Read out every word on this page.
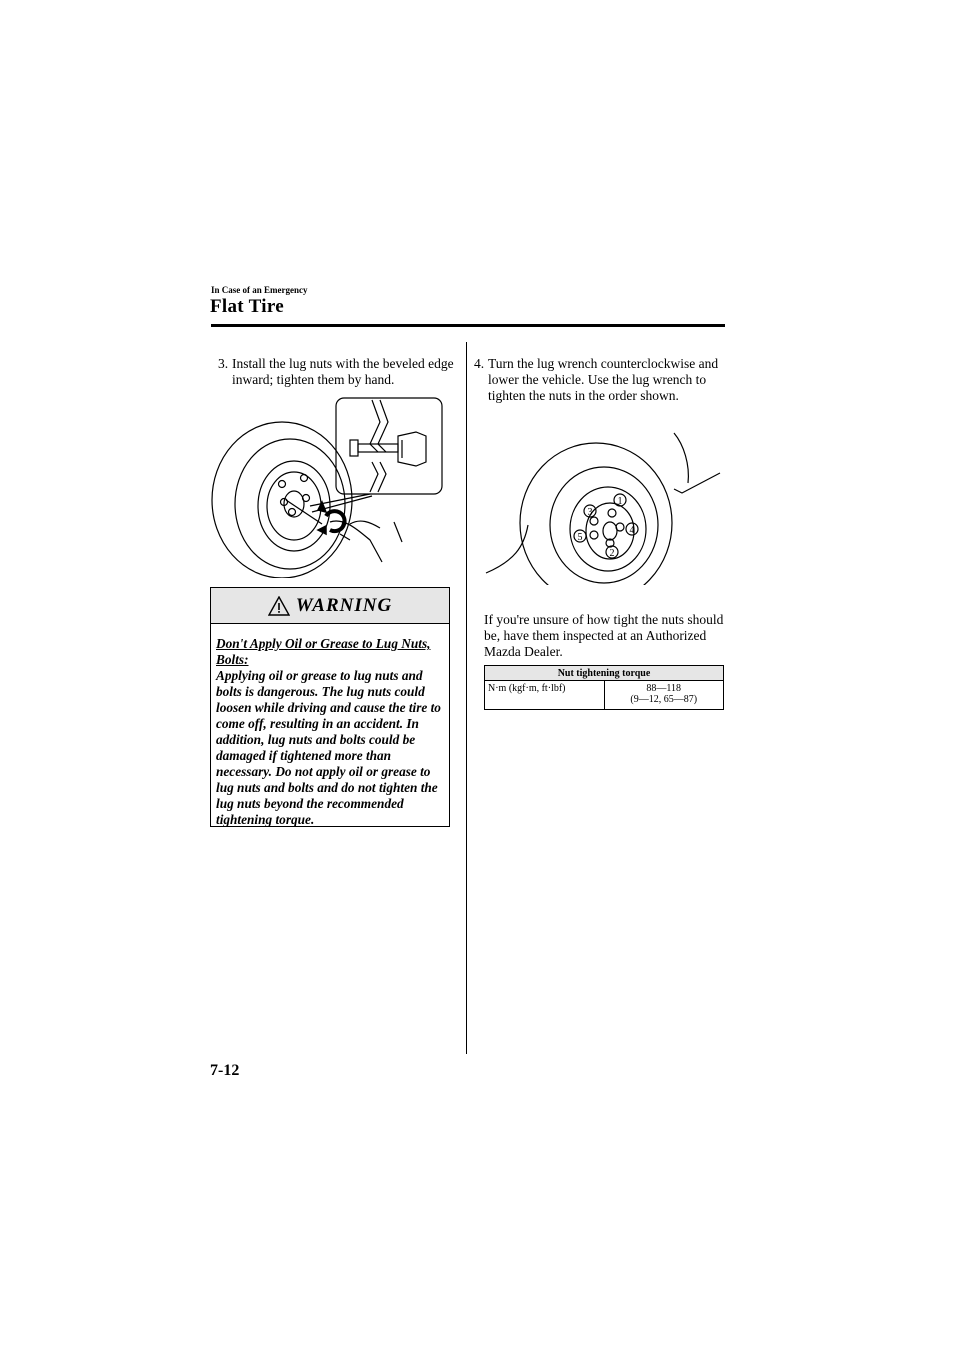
In Case of an Emergency
Flat Tire
3. Install the lug nuts with the beveled edge inward; tighten them by hand.
WARNING
Don't Apply Oil or Grease to Lug Nuts, Bolts:
Applying oil or grease to lug nuts and bolts is dangerous. The lug nuts could loosen while driving and cause the tire to come off, resulting in an accident. In addition, lug nuts and bolts could be damaged if tightened more than necessary. Do not apply oil or grease to lug nuts and bolts and do not tighten the lug nuts beyond the recommended tightening torque.
4. Turn the lug wrench counterclockwise and lower the vehicle. Use the lug wrench to tighten the nuts in the order shown.
1
2
3
4
5
If you're unsure of how tight the nuts should be, have them inspected at an Authorized Mazda Dealer.
Nut tightening torque
N·m (kgf·m, ft·lbf)	88—118
(9—12, 65—87)
7-12
